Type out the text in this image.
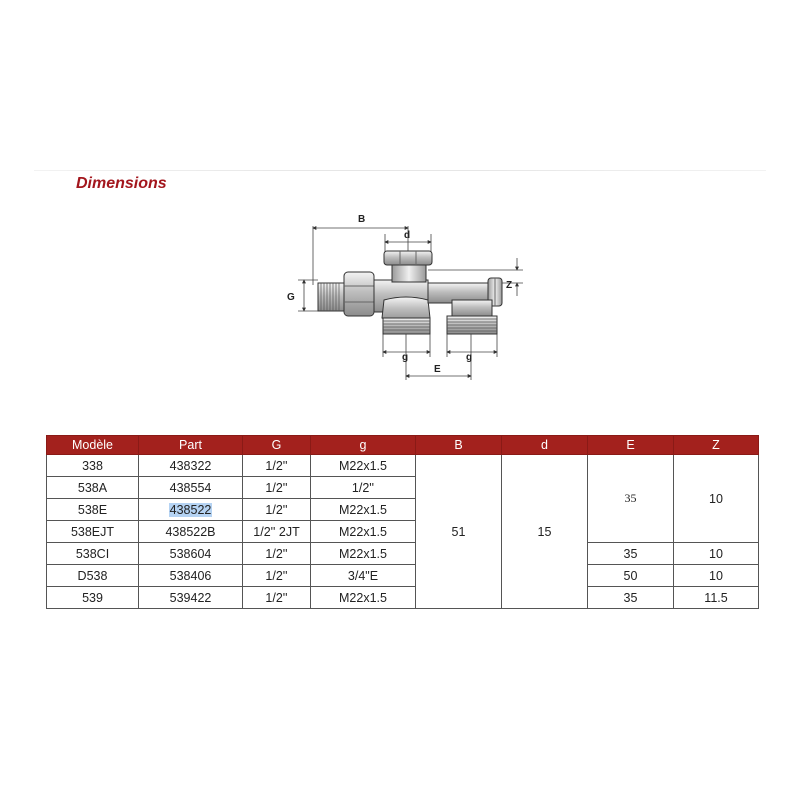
Dimensions
B
d
G
Z
g	g
E
Modèle	Part	G	g	B	d	E	Z
338	438322	1/2''	M22x1.5	51	15	35	10
538A	438554	1/2''	1/2''				
538E	438522	1/2''	M22x1.5				
538EJT	438522B	1/2'' 2JT	M22x1.5				
538CI	538604	1/2''	M22x1.5			35	10
D538	538406	1/2''	3/4"E			50	10
539	539422	1/2''	M22x1.5			35	11.5
